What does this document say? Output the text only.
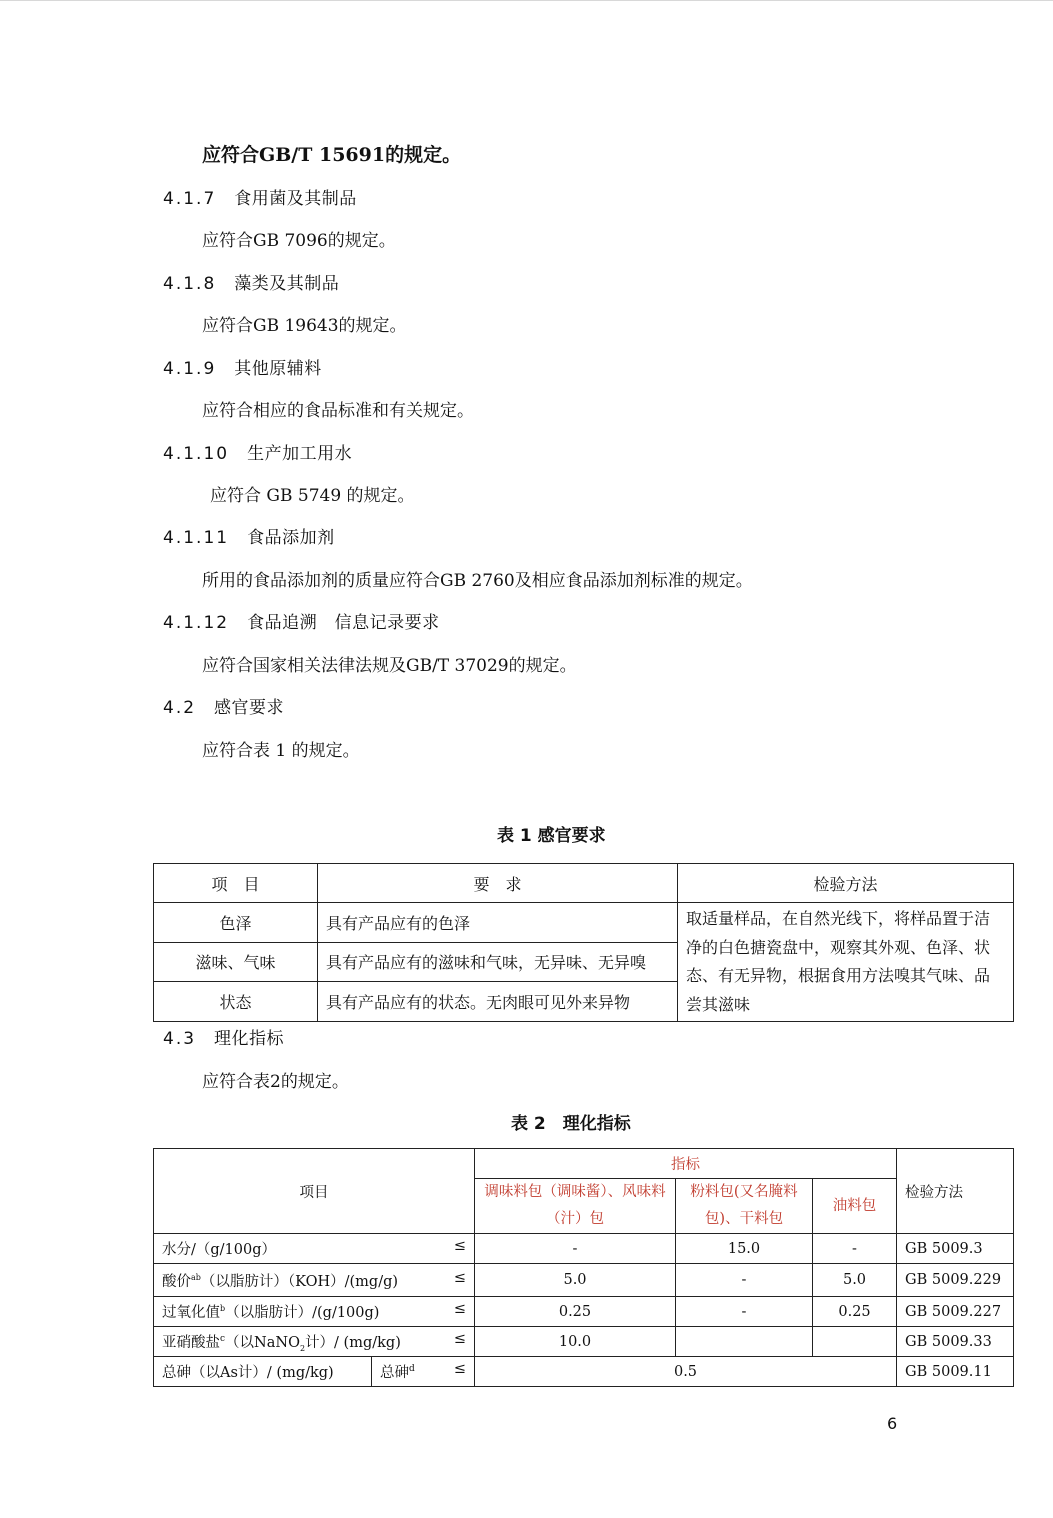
应符合GB/T 15691的规定。
4.1.7 食用菌及其制品
应符合GB 7096的规定。
4.1.8 藻类及其制品
应符合GB 19643的规定。
4.1.9 其他原辅料
应符合相应的食品标准和有关规定。
4.1.10 生产加工用水
应符合 GB 5749 的规定。
4.1.11 食品添加剂
所用的食品添加剂的质量应符合GB 2760及相应食品添加剂标准的规定。
4.1.12 食品追溯　信息记录要求
应符合国家相关法律法规及GB/T 37029的规定。
4.2 感官要求
应符合表 1 的规定。
表 1 感官要求
项　目	要　求	检验方法
色泽	具有产品应有的色泽	取适量样品，在自然光线下，将样品置于洁净的白色搪瓷盘中，观察其外观、色泽、状态、有无异物，根据食用方法嗅其气味、品尝其滋味
滋味、气味	具有产品应有的滋味和气味，无异味、无异嗅	
状态	具有产品应有的状态。无肉眼可见外来异物	
4.3 理化指标
应符合表2的规定。
表 2　理化指标
项目		指标			检验方法
		调味料包（调味酱）、风味料（汁）包	粉料包(又名腌料包)、干料包	油料包	
水分/（g/100g） ≤		-	15.0	-	GB 5009.3
酸价$^{ab}$（以脂肪计）（KOH）/(mg/g) ≤		5.0	-	5.0	GB 5009.229
过氧化值$^b$（以脂肪计）/(g/100g) ≤		0.25	-	0.25	GB 5009.227
亚硝酸盐$^c$（以NaNO$_2$计）/ (mg/kg) ≤		10.0			GB 5009.33
总砷（以As计）/ (mg/kg)	总砷$^d$ ≤	0.5			GB 5009.11
6
